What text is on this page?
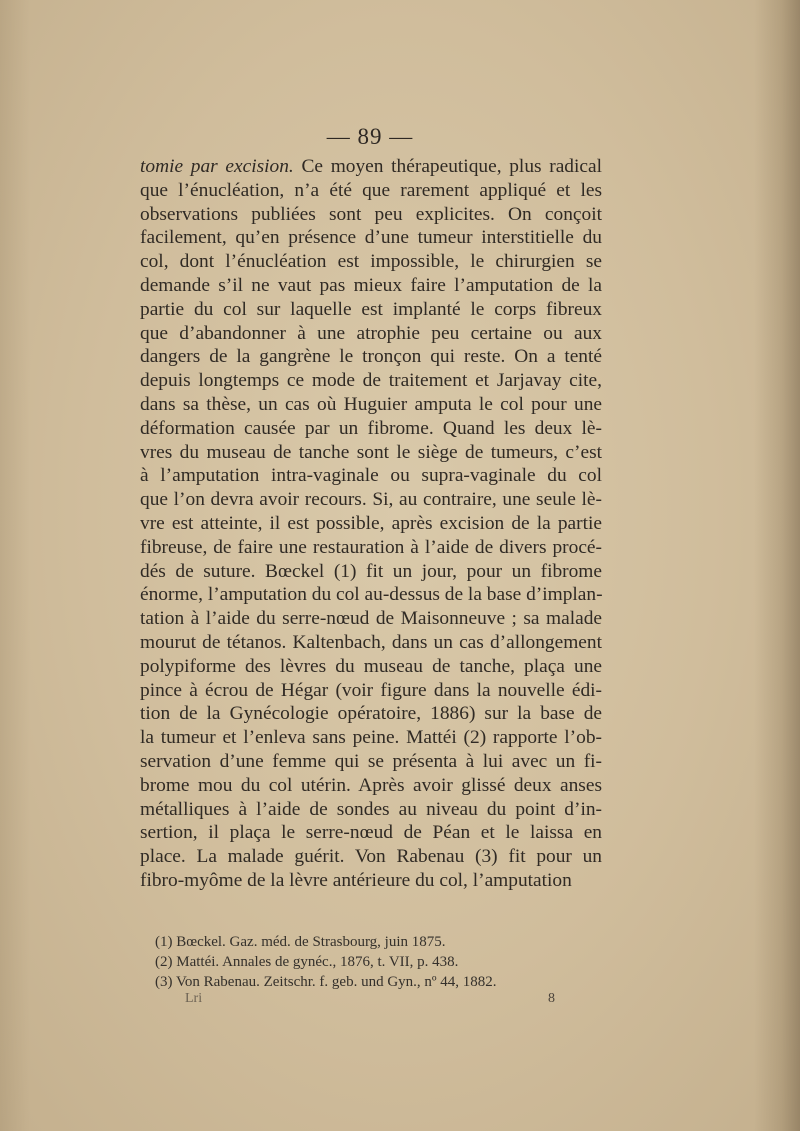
— 89 —
tomie par excision. Ce moyen thérapeutique, plus radical
que l’énucléation, n’a été que rarement appliqué et les
observations publiées sont peu explicites. On conçoit
facilement, qu’en présence d’une tumeur interstitielle du
col, dont l’énucléation est impossible, le chirurgien se
demande s’il ne vaut pas mieux faire l’amputation de la
partie du col sur laquelle est implanté le corps fibreux
que d’abandonner à une atrophie peu certaine ou aux
dangers de la gangrène le tronçon qui reste. On a tenté
depuis longtemps ce mode de traitement et Jarjavay cite,
dans sa thèse, un cas où Huguier amputa le col pour une
déformation causée par un fibrome. Quand les deux lè-
vres du museau de tanche sont le siège de tumeurs, c’est
à l’amputation intra-vaginale ou supra-vaginale du col
que l’on devra avoir recours. Si, au contraire, une seule lè-
vre est atteinte, il est possible, après excision de la partie
fibreuse, de faire une restauration à l’aide de divers procé-
dés de suture. Bœckel (1) fit un jour, pour un fibrome
énorme, l’amputation du col au-dessus de la base d’implan-
tation à l’aide du serre-nœud de Maisonneuve ; sa malade
mourut de tétanos. Kaltenbach, dans un cas d’allongement
polypiforme des lèvres du museau de tanche, plaça une
pince à écrou de Hégar (voir figure dans la nouvelle édi-
tion de la Gynécologie opératoire, 1886) sur la base de
la tumeur et l’enleva sans peine. Mattéi (2) rapporte l’ob-
servation d’une femme qui se présenta à lui avec un fi-
brome mou du col utérin. Après avoir glissé deux anses
métalliques à l’aide de sondes au niveau du point d’in-
sertion, il plaça le serre-nœud de Péan et le laissa en
place. La malade guérit. Von Rabenau (3) fit pour un
fibro-myôme de la lèvre antérieure du col, l’amputation
(1) Bœckel. Gaz. méd. de Strasbourg, juin 1875.
(2) Mattéi. Annales de gynéc., 1876, t. VII, p. 438.
(3) Von Rabenau. Zeitschr. f. geb. und Gyn., nº 44, 1882.
Lri	8
